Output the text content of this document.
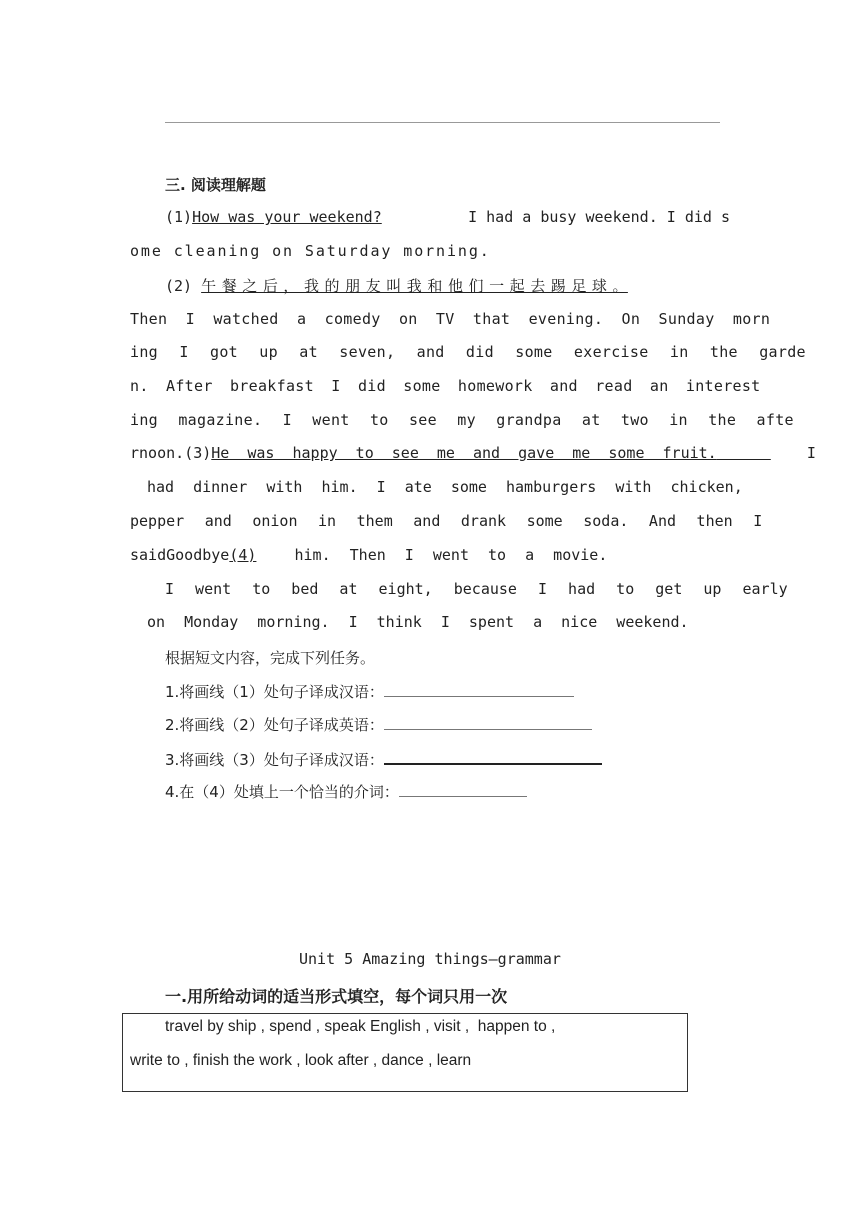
三. 阅读理解题
(1)How was your weekend?	I had a busy weekend. I did s
ome cleaning on Saturday morning.
(2) 午 餐 之 后 ， 我 的 朋 友 叫 我 和 他 们 一 起 去 踢 足 球 。
Then I watched a comedy on TV that evening. On Sunday morn
ing I got up at seven, and did some exercise in the garde
n. After breakfast I did some homework and read an interest
ing magazine. I went to see my grandpa at two in the afte
rnoon.(3)He was happy to see me and gave me some fruit.	I
had dinner with him. I ate some hamburgers with chicken,
pepper and onion in them and drank some soda. And then I
saidGoodbye(4)	him. Then I went to a movie.
I went to bed at eight, because I had to get up early
on Monday morning. I think I spent a nice weekend.
根据短文内容，完成下列任务。
1.将画线（1）处句子译成汉语：
2.将画线（2）处句子译成英语：
3.将画线（3）处句子译成汉语：
4.在（4）处填上一个恰当的介词：
Unit 5 Amazing things—grammar
一.用所给动词的适当形式填空，每个词只用一次
travel by ship , spend , speak English , visit ,  happen to ,
write to , finish the work , look after , dance , learn
